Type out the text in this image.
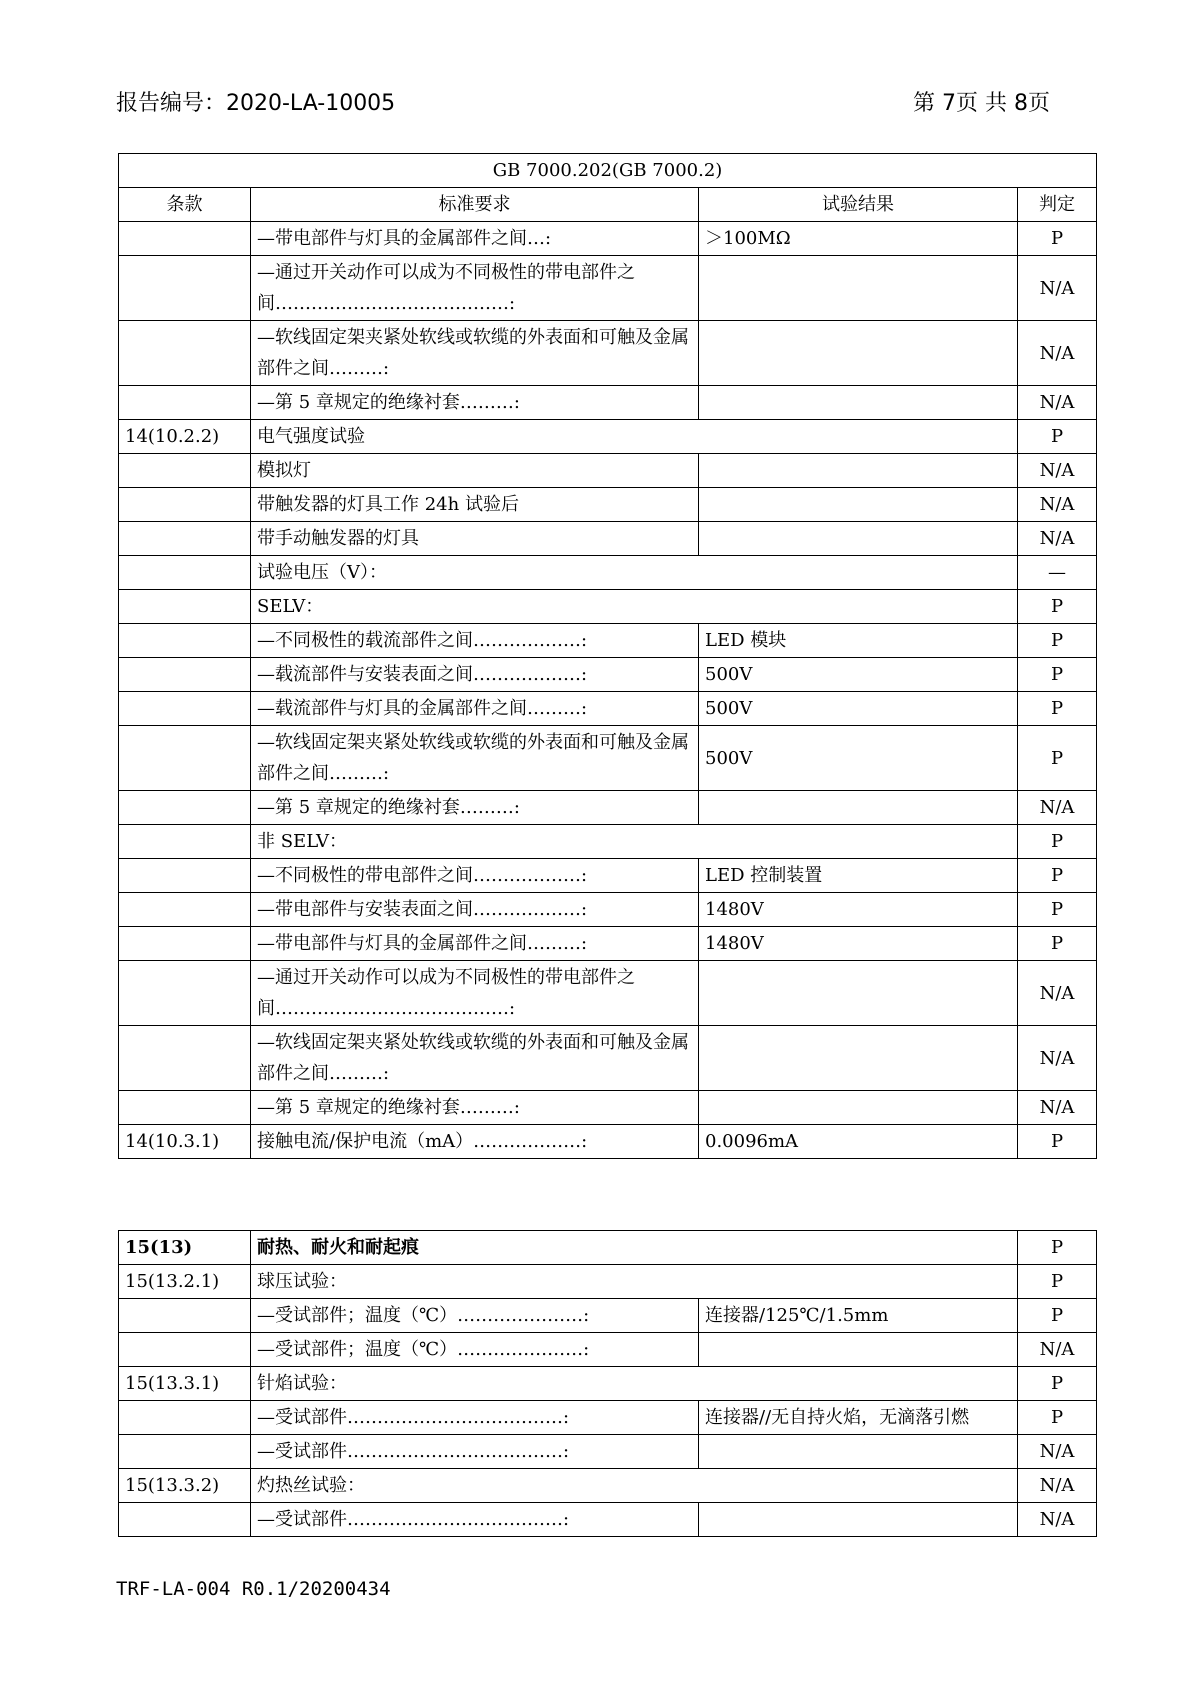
报告编号：2020-LA-10005	第 7页 共 8页
GB 7000.202(GB 7000.2)			
条款	标准要求	试验结果	判定
	—带电部件与灯具的金属部件之间…:	＞100MΩ	P
	—通过开关动作可以成为不同极性的带电部件之间…………………………………:		N/A
	—软线固定架夹紧处软线或软缆的外表面和可触及金属部件之间………:		N/A
	—第 5 章规定的绝缘衬套………:		N/A
14(10.2.2)	电气强度试验		P
	模拟灯		N/A
	带触发器的灯具工作 24h 试验后		N/A
	带手动触发器的灯具		N/A
	试验电压（V）：		—
	SELV：		P
	—不同极性的载流部件之间………………:	LED 模块	P
	—载流部件与安装表面之间………………:	500V	P
	—载流部件与灯具的金属部件之间………:	500V	P
	—软线固定架夹紧处软线或软缆的外表面和可触及金属部件之间………:	500V	P
	—第 5 章规定的绝缘衬套………:		N/A
	非 SELV：		P
	—不同极性的带电部件之间………………:	LED 控制装置	P
	—带电部件与安装表面之间………………:	1480V	P
	—带电部件与灯具的金属部件之间………:	1480V	P
	—通过开关动作可以成为不同极性的带电部件之间…………………………………:		N/A
	—软线固定架夹紧处软线或软缆的外表面和可触及金属部件之间………:		N/A
	—第 5 章规定的绝缘衬套………:		N/A
14(10.3.1)	接触电流/保护电流（mA）………………:	0.0096mA	P
15(13)	耐热、耐火和耐起痕		P
15(13.2.1)	球压试验：		P
	—受试部件；温度（℃）…………………:	连接器/125℃/1.5mm	P
	—受试部件；温度（℃）…………………:		N/A
15(13.3.1)	针焰试验：		P
	—受试部件………………………………:	连接器//无自持火焰，无滴落引燃	P
	—受试部件………………………………:		N/A
15(13.3.2)	灼热丝试验：		N/A
	—受试部件………………………………:		N/A
TRF-LA-004 R0.1/20200434
